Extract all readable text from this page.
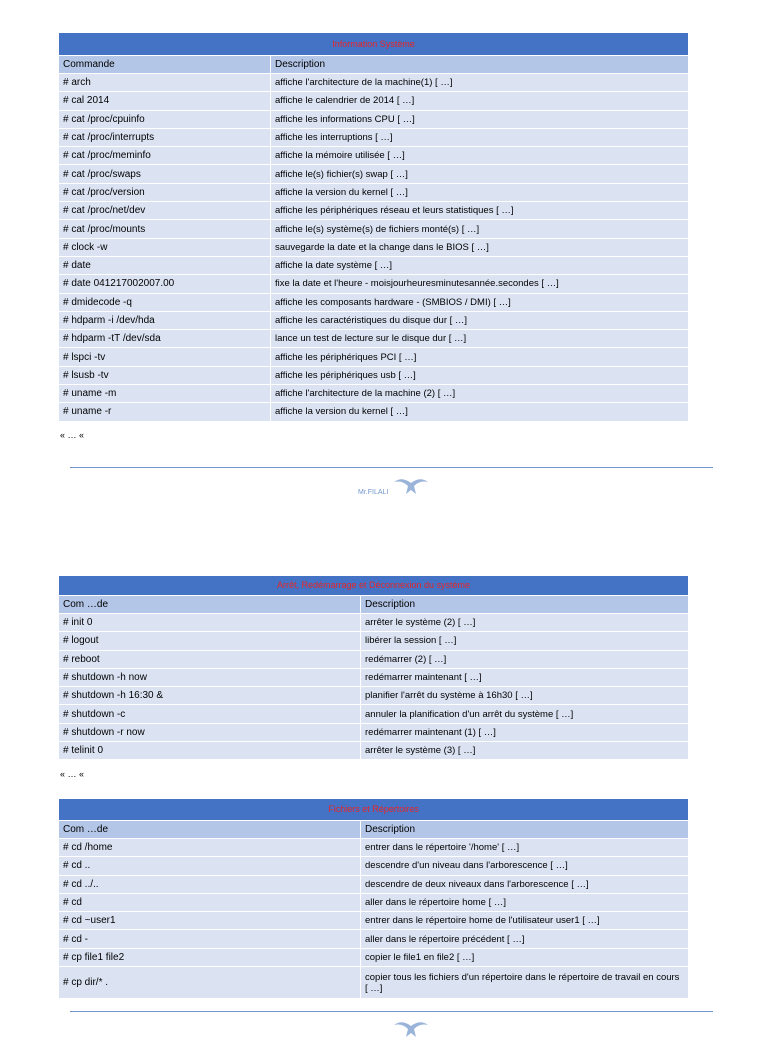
Information Système	
Commande	Description
# arch	affiche l'architecture de la machine(1) [ …]
# cal 2014	affiche le calendrier de 2014 [ …]
# cat /proc/cpuinfo	affiche les informations CPU [ …]
# cat /proc/interrupts	affiche les interruptions [ …]
# cat /proc/meminfo	affiche la mémoire utilisée [ …]
# cat /proc/swaps	affiche le(s) fichier(s) swap [ …]
# cat /proc/version	affiche la version du kernel [ …]
# cat /proc/net/dev	affiche les périphériques réseau et leurs statistiques [ …]
# cat /proc/mounts	affiche le(s) système(s) de fichiers monté(s) [ …]
# clock -w	sauvegarde la date et la change dans le BIOS [ …]
# date	affiche la date système [ …]
# date 041217002007.00	fixe la date et l'heure - moisjourheuresminutesannée.secondes [ …]
# dmidecode -q	affiche les composants hardware - (SMBIOS / DMI) [ …]
# hdparm -i /dev/hda	affiche les caractéristiques du disque dur [ …]
# hdparm -tT /dev/sda	lance un test de lecture sur le disque dur [ …]
# lspci -tv	affiche les périphériques PCI [ …]
# lsusb -tv	affiche les périphériques usb [ …]
# uname -m	affiche l'architecture de la machine (2) [ …]
# uname -r	affiche la version du kernel [ …]
« … «
Mr.FILALI
Arrêt, Redémarrage et Déconnexion du système	
Com …de	Description
# init 0	arrêter le système (2) [ …]
# logout	libérer la session [ …]
# reboot	redémarrer (2) [ …]
# shutdown -h now	redémarrer maintenant [ …]
# shutdown -h 16:30 &	planifier l'arrêt du système à 16h30 [ …]
# shutdown -c	annuler la planification d'un arrêt du système [ …]
# shutdown -r now	redémarrer maintenant (1) [ …]
# telinit 0	arrêter le système (3) [ …]
« … «
Fichiers et Répertoires	
Com …de	Description
# cd /home	entrer dans le répertoire '/home' [ …]
# cd ..	descendre d'un niveau dans l'arborescence [ …]
# cd ../..	descendre de deux niveaux dans l'arborescence [ …]
# cd	aller dans le répertoire home [ …]
# cd ~user1	entrer dans le répertoire home de l'utilisateur user1 [ …]
# cd -	aller dans le répertoire précédent [ …]
# cp file1 file2	copier le file1 en file2 [ …]
# cp dir/* .	copier tous les fichiers d'un répertoire dans le répertoire de travail en cours [ …]
